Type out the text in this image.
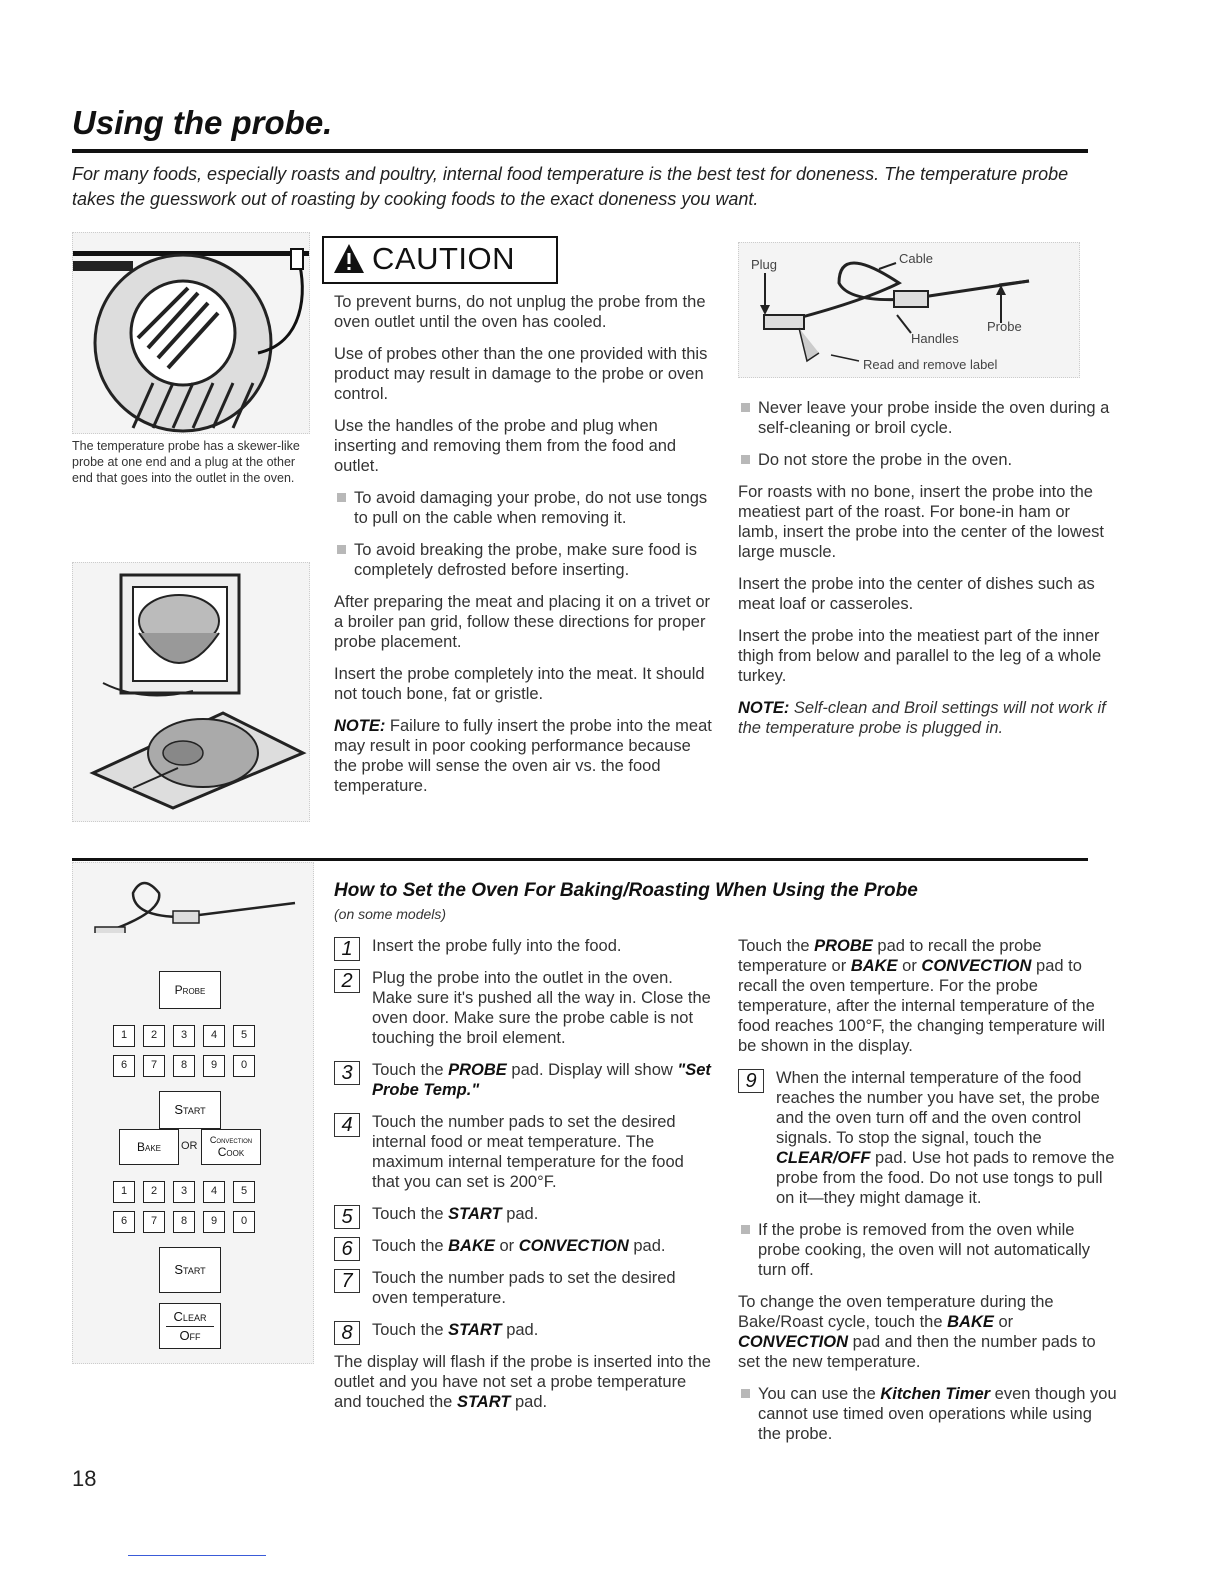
Using the probe.

For many foods, especially roasts and poultry, internal food temperature is the best test for doneness. The temperature probe takes the guesswork out of roasting by cooking foods to the exact doneness you want.

The temperature probe has a skewer-like probe at one end and a plug at the other end that goes into the outlet in the oven.

CAUTION

To prevent burns, do not unplug the probe from the oven outlet until the oven has cooled.

Use of probes other than the one provided with this product may result in damage to the probe or oven control.

Use the handles of the probe and plug when inserting and removing them from the food and outlet.

To avoid damaging your probe, do not use tongs to pull on the cable when removing it.

To avoid breaking the probe, make sure food is completely defrosted before inserting.

After preparing the meat and placing it on a trivet or a broiler pan grid, follow these directions for proper probe placement.

Insert the probe completely into the meat. It should not touch bone, fat or gristle.

NOTE: Failure to fully insert the probe into the meat may result in poor cooking performance because the probe will sense the oven air vs. the food temperature.

Plug	Cable
Probe
Handles
Read and remove label

Never leave your probe inside the oven during a self-cleaning or broil cycle.

Do not store the probe in the oven.

For roasts with no bone, insert the probe into the meatiest part of the roast. For bone-in ham or lamb, insert the probe into the center of the lowest large muscle.

Insert the probe into the center of dishes such as meat loaf or casseroles.

Insert the probe into the meatiest part of the inner thigh from below and parallel to the leg of a whole turkey.

NOTE: Self-clean and Broil settings will not work if the temperature probe is plugged in.

Probe
1	2	3	4	5
6	7	8	9	0
Start
Bake	OR	Convection
Cook
1	2	3	4	5
6	7	8	9	0
Start
Clear
Off
How to Set the Oven For Baking/Roasting When Using the Probe

(on some models)

1	Insert the probe fully into the food.
2	Plug the probe into the outlet in the oven. Make sure it's pushed all the way in. Close the oven door. Make sure the probe cable is not touching the broil element.
3	Touch the PROBE pad. Display will show "Set Probe Temp."
4	Touch the number pads to set the desired internal food or meat temperature. The maximum internal temperature for the food that you can set is 200°F.
5	Touch the START pad.
6	Touch the BAKE or CONVECTION pad.
7	Touch the number pads to set the desired oven temperature.
8	Touch the START pad.

The display will flash if the probe is inserted into the outlet and you have not set a probe temperature and touched the START pad.

Touch the PROBE pad to recall the probe temperature or BAKE or CONVECTION pad to recall the oven temperture. For the probe temperature, after the internal temperature of the food reaches 100°F, the changing temperature will be shown in the display.

9	When the internal temperature of the food reaches the number you have set, the probe and the oven turn off and the oven control signals. To stop the signal, touch the CLEAR/OFF pad. Use hot pads to remove the probe from the food. Do not use tongs to pull on it—they might damage it.

If the probe is removed from the oven while probe cooking, the oven will not automatically turn off.

To change the oven temperature during the Bake/Roast cycle, touch the BAKE or CONVECTION pad and then the number pads to set the new temperature.

You can use the Kitchen Timer even though you cannot use timed oven operations while using the probe.

18
